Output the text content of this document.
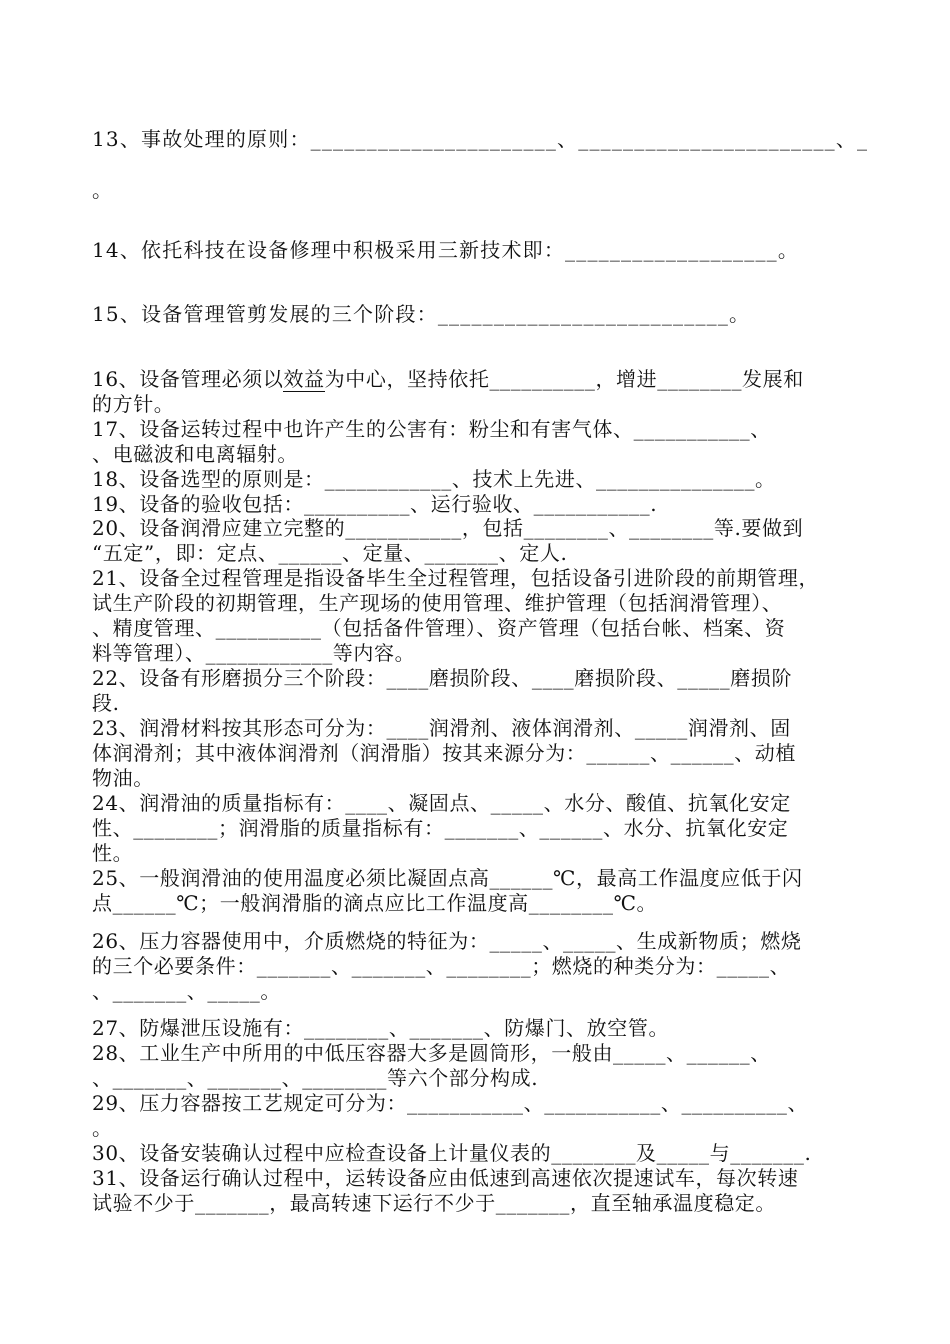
13、事故处理的原则：______________________、_______________________、_
。
14、依托科技在设备修理中积极采用三新技术即：___________________。
15、设备管理管剪发展的三个阶段：__________________________。
16、设备管理必须以效益为中心，坚持依托__________，增进________发展和
的方针。
17、设备运转过程中也许产生的公害有：粉尘和有害气体、___________、
、电磁波和电离辐射。
18、设备选型的原则是：____________、技术上先进、_______________。
19、设备的验收包括：__________、运行验收、___________.
20、设备润滑应建立完整的___________，包括________、________等.要做到
“五定”，即：定点、______、定量、_______、定人.
21、设备全过程管理是指设备毕生全过程管理，包括设备引进阶段的前期管理，
试生产阶段的初期管理，生产现场的使用管理、维护管理（包括润滑管理）、
、精度管理、__________（包括备件管理）、资产管理（包括台帐、档案、资
料等管理）、____________等内容。
22、设备有形磨损分三个阶段：____磨损阶段、____磨损阶段、_____磨损阶
段.
23、润滑材料按其形态可分为：____润滑剂、液体润滑剂、_____润滑剂、固
体润滑剂；其中液体润滑剂（润滑脂）按其来源分为：______、______、动植
物油。
24、润滑油的质量指标有：____、凝固点、_____、水分、酸值、抗氧化安定
性、________；润滑脂的质量指标有：_______、______、水分、抗氧化安定
性。
25、一般润滑油的使用温度必须比凝固点高______℃，最高工作温度应低于闪
点______℃；一般润滑脂的滴点应比工作温度高________℃。
26、压力容器使用中，介质燃烧的特征为：_____、_____、生成新物质；燃烧
的三个必要条件：_______、_______、________；燃烧的种类分为：_____、
、_______、_____。
27、防爆泄压设施有：________、_______、防爆门、放空管。
28、工业生产中所用的中低压容器大多是圆筒形，一般由_____、______、
、_______、_______、________等六个部分构成.
29、压力容器按工艺规定可分为：___________、___________、__________、
。
30、设备安装确认过程中应检查设备上计量仪表的________及_____与_______.
31、设备运行确认过程中，运转设备应由低速到高速依次提速试车，每次转速
试验不少于_______，最高转速下运行不少于_______，直至轴承温度稳定。
